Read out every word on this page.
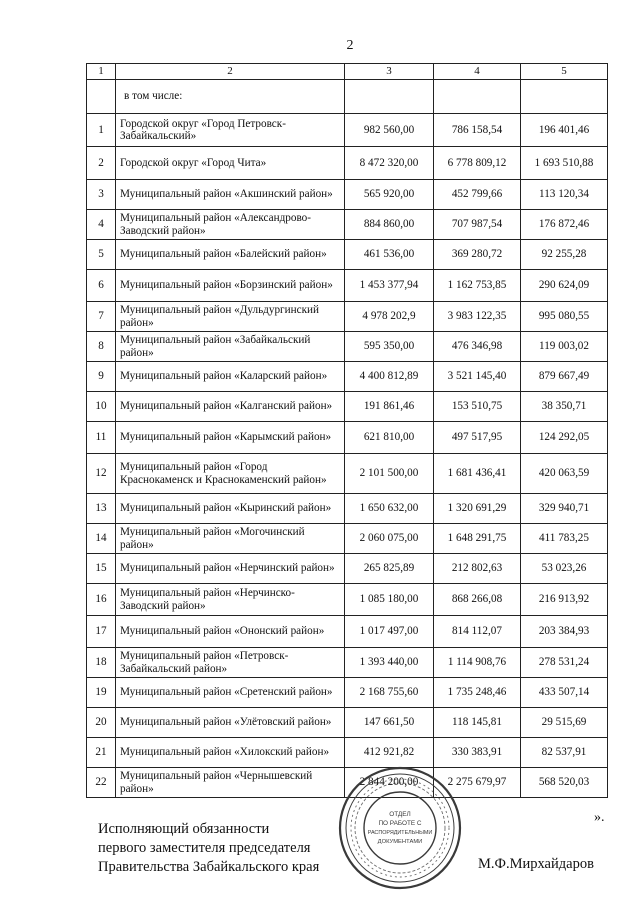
2
1	2	3	4	5
	в том числе:			
1	Городской округ «Город Петровск-Забайкальский»	982 560,00	786 158,54	196 401,46
2	Городской округ «Город Чита»	8 472 320,00	6 778 809,12	1 693 510,88
3	Муниципальный район «Акшинский район»	565 920,00	452 799,66	113 120,34
4	Муниципальный район «Александрово-Заводский район»	884 860,00	707 987,54	176 872,46
5	Муниципальный район «Балейский район»	461 536,00	369 280,72	92 255,28
6	Муниципальный район «Борзинский район»	1 453 377,94	1 162 753,85	290 624,09
7	Муниципальный район «Дульдургинский район»	4 978 202,9	3 983 122,35	995 080,55
8	Муниципальный район «Забайкальский район»	595 350,00	476 346,98	119 003,02
9	Муниципальный район «Каларский район»	4 400 812,89	3 521 145,40	879 667,49
10	Муниципальный район «Калганский район»	191 861,46	153 510,75	38 350,71
11	Муниципальный район «Карымский район»	621 810,00	497 517,95	124 292,05
12	Муниципальный район «Город Краснокаменск и Краснокаменский район»	2 101 500,00	1 681 436,41	420 063,59
13	Муниципальный район «Кыринский район»	1 650 632,00	1 320 691,29	329 940,71
14	Муниципальный район «Могочинский район»	2 060 075,00	1 648 291,75	411 783,25
15	Муниципальный район «Нерчинский район»	265 825,89	212 802,63	53 023,26
16	Муниципальный район «Нерчинско-Заводский район»	1 085 180,00	868 266,08	216 913,92
17	Муниципальный район «Ононский район»	1 017 497,00	814 112,07	203 384,93
18	Муниципальный район «Петровск-Забайкальский район»	1 393 440,00	1 114 908,76	278 531,24
19	Муниципальный район «Сретенский район»	2 168 755,60	1 735 248,46	433 507,14
20	Муниципальный район «Улётовский район»	147 661,50	118 145,81	29 515,69
21	Муниципальный район «Хилокский район»	412 921,82	330 383,91	82 537,91
22	Муниципальный район «Чернышевский район»	2 844 200,00	2 275 679,97	568 520,03
».
Исполняющий обязанности
первого заместителя председателя
Правительства Забайкальского края	М.Ф.Мирхайдаров
ОТДЕЛ
ПО РАБОТЕ С
РАСПОРЯДИТЕЛЬНЫМИ
ДОКУМЕНТАМИ
